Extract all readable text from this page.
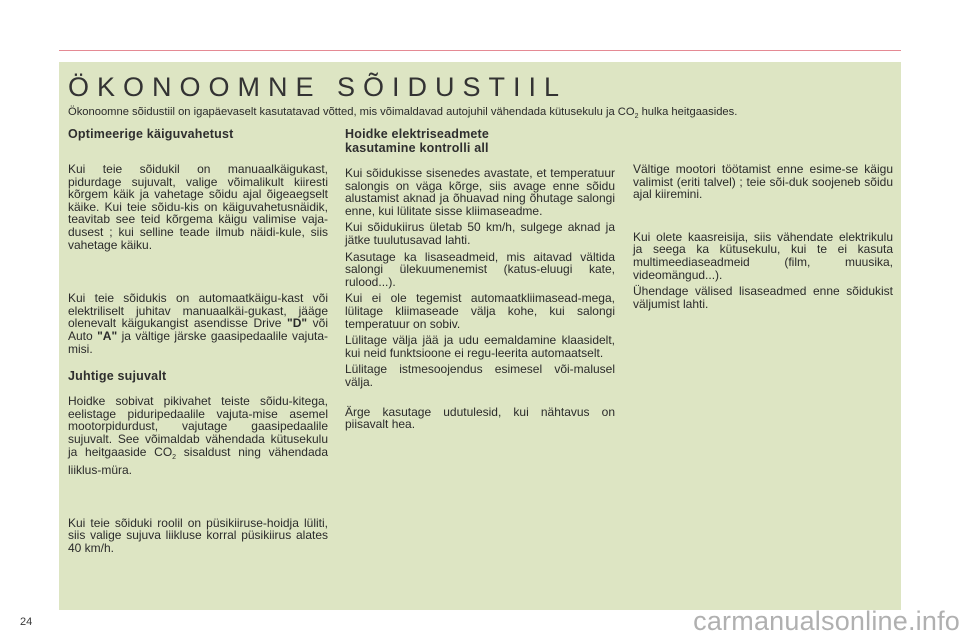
ÖKONOOMNE SÕIDUSTIIL

Ökonoomne sõidustiil on igapäevaselt kasutatavad võtted, mis võimaldavad autojuhil vähendada kütusekulu ja $CO_2$ hulka heitgaasides.

Optimeerige käiguvahetust

Kui teie sõidukil on manuaalkäigukast, pidurdage sujuvalt, valige võimalikult kiiresti kõrgem käik ja vahetage sõidu ajal õigeaegselt käike. Kui teie sõidu-kis on käiguvahetusnäidik, teavitab see teid kõrgema käigu valimise vaja-dusest ; kui selline teade ilmub näidi-kule, siis vahetage käiku.

Kui teie sõidukis on automaatkäigu-kast või elektriliselt juhitav manuaalkäi-gukast, jääge olenevalt käigukangist asendisse Drive "D" või Auto "A" ja vältige järske gaasipedaalile vajuta-misi.

Juhtige sujuvalt

Hoidke sobivat pikivahet teiste sõidu-kitega, eelistage piduripedaalile vajuta-mise asemel mootorpidurdust, vajutage gaasipedaalile sujuvalt. See võimaldab vähendada kütusekulu ja heitgaaside $CO_2$ sisaldust ning vähendada liiklus-müra.

Kui teie sõiduki roolil on püsikiiruse-hoidja lüliti, siis valige sujuva liikluse korral püsikiirus alates 40 km/h.

Hoidke elektriseadmete
kasutamine kontrolli all

Kui sõidukisse sisenedes avastate, et temperatuur salongis on väga kõrge, siis avage enne sõidu alustamist aknad ja õhuavad ning õhutage salongi enne, kui lülitate sisse kliimaseadme.

Kui sõidukiirus ületab 50 km/h, sulgege aknad ja jätke tuulutusavad lahti.

Kasutage ka lisaseadmeid, mis aitavad vältida salongi ülekuumenemist (katus-eluugi kate, rulood...).

Kui ei ole tegemist automaatkliimasead-mega, lülitage kliimaseade välja kohe, kui salongi temperatuur on sobiv.

Lülitage välja jää ja udu eemaldamine klaasidelt, kui neid funktsioone ei regu-leerita automaatselt.

Lülitage istmesoojendus esimesel või-malusel välja.

Ärge kasutage udutulesid, kui nähtavus on piisavalt hea.

Vältige mootori töötamist enne esime-se käigu valimist (eriti talvel) ; teie sõi-duk soojeneb sõidu ajal kiiremini.

Kui olete kaasreisija, siis vähendate elektrikulu ja seega ka kütusekulu, kui te ei kasuta multimeediaseadmeid (film, muusika, videomängud...).

Ühendage välised lisaseadmed enne sõidukist väljumist lahti.

24	carmanualsonline.info
